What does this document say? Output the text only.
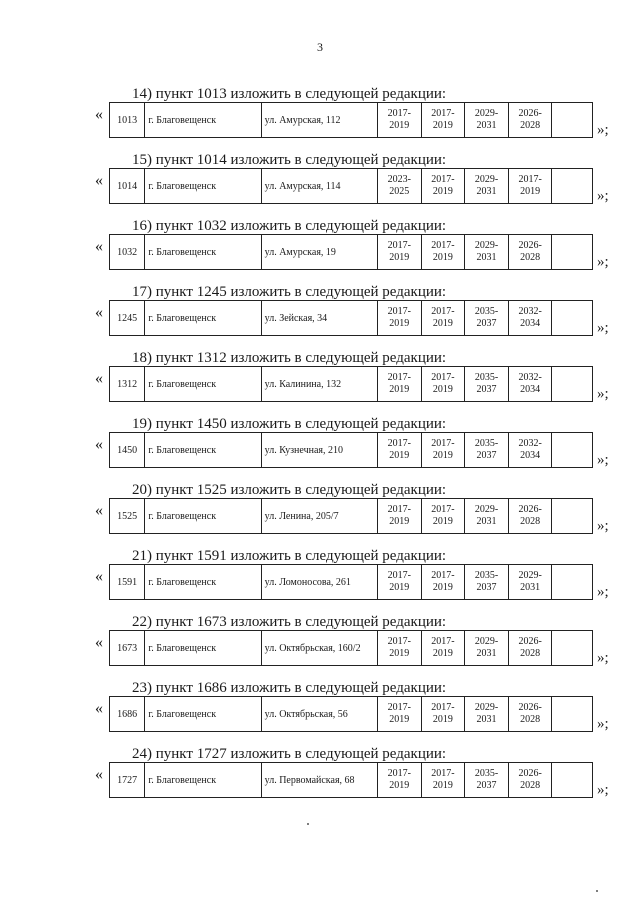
3
14) пункт 1013 изложить в следующей редакции:
« 1013	г. Благовещенск	ул. Амурская, 112	2017-2019	2017-2019	2029-2031	2026-2028		»;
15) пункт 1014 изложить в следующей редакции:
« 1014	г. Благовещенск	ул. Амурская, 114	2023-2025	2017-2019	2029-2031	2017-2019		»;
16) пункт 1032 изложить в следующей редакции:
« 1032	г. Благовещенск	ул. Амурская, 19	2017-2019	2017-2019	2029-2031	2026-2028		»;
17) пункт 1245 изложить в следующей редакции:
« 1245	г. Благовещенск	ул. Зейская, 34	2017-2019	2017-2019	2035-2037	2032-2034		»;
18) пункт 1312 изложить в следующей редакции:
« 1312	г. Благовещенск	ул. Калинина, 132	2017-2019	2017-2019	2035-2037	2032-2034		»;
19) пункт 1450 изложить в следующей редакции:
« 1450	г. Благовещенск	ул. Кузнечная, 210	2017-2019	2017-2019	2035-2037	2032-2034		»;
20) пункт 1525 изложить в следующей редакции:
« 1525	г. Благовещенск	ул. Ленина, 205/7	2017-2019	2017-2019	2029-2031	2026-2028		»;
21) пункт 1591 изложить в следующей редакции:
« 1591	г. Благовещенск	ул. Ломоносова, 261	2017-2019	2017-2019	2035-2037	2029-2031		»;
22) пункт 1673 изложить в следующей редакции:
« 1673	г. Благовещенск	ул. Октябрьская, 160/2	2017-2019	2017-2019	2029-2031	2026-2028		»;
23) пункт 1686 изложить в следующей редакции:
« 1686	г. Благовещенск	ул. Октябрьская, 56	2017-2019	2017-2019	2029-2031	2026-2028		»;
24) пункт 1727 изложить в следующей редакции:
« 1727	г. Благовещенск	ул. Первомайская, 68	2017-2019	2017-2019	2035-2037	2026-2028		»;
